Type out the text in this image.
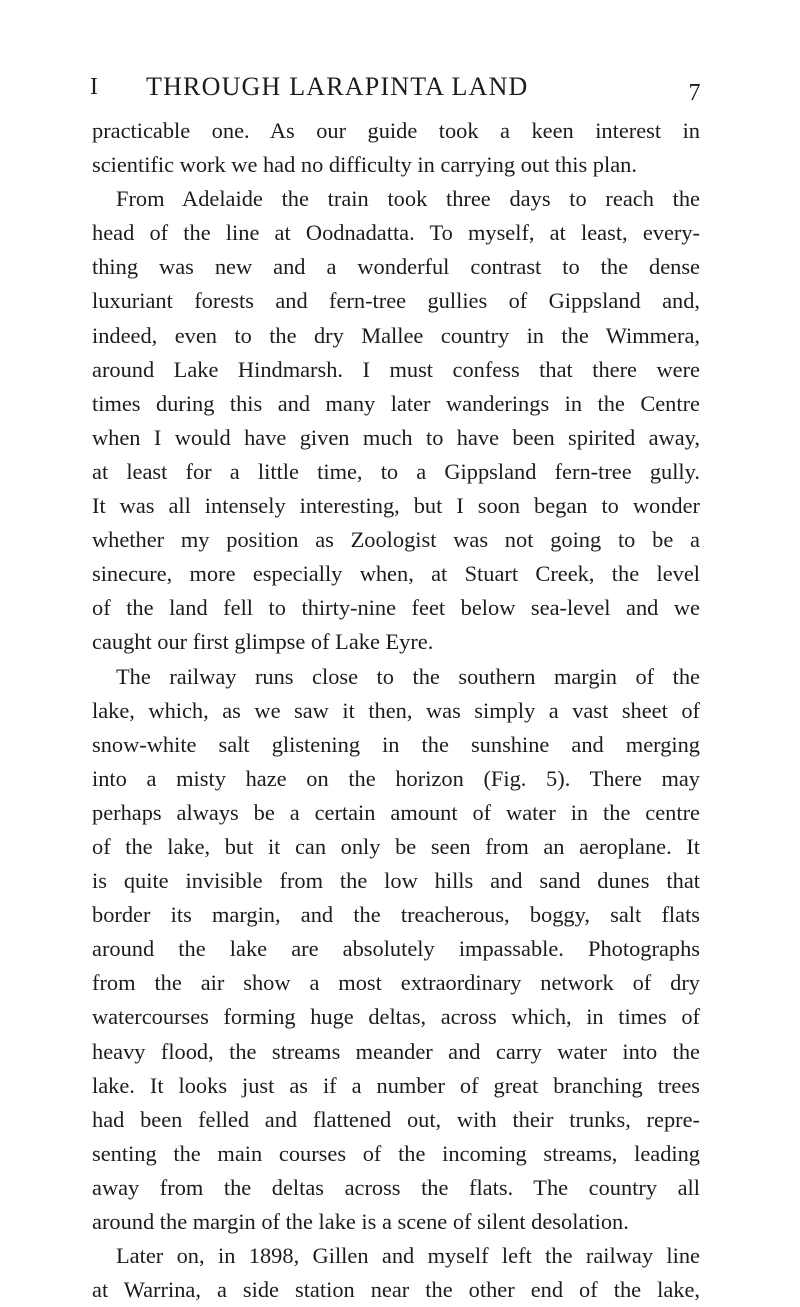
I THROUGH LARAPINTA LAND	7
practicable one. As our guide took a keen interest in
scientific work we had no difficulty in carrying out this plan.
From Adelaide the train took three days to reach the
head of the line at Oodnadatta. To myself, at least, every-
thing was new and a wonderful contrast to the dense
luxuriant forests and fern-tree gullies of Gippsland and,
indeed, even to the dry Mallee country in the Wimmera,
around Lake Hindmarsh. I must confess that there were
times during this and many later wanderings in the Centre
when I would have given much to have been spirited away,
at least for a little time, to a Gippsland fern-tree gully.
It was all intensely interesting, but I soon began to wonder
whether my position as Zoologist was not going to be a
sinecure, more especially when, at Stuart Creek, the level
of the land fell to thirty-nine feet below sea-level and we
caught our first glimpse of Lake Eyre.
The railway runs close to the southern margin of the
lake, which, as we saw it then, was simply a vast sheet of
snow-white salt glistening in the sunshine and merging
into a misty haze on the horizon (Fig. 5). There may
perhaps always be a certain amount of water in the centre
of the lake, but it can only be seen from an aeroplane. It
is quite invisible from the low hills and sand dunes that
border its margin, and the treacherous, boggy, salt flats
around the lake are absolutely impassable. Photographs
from the air show a most extraordinary network of dry
watercourses forming huge deltas, across which, in times of
heavy flood, the streams meander and carry water into the
lake. It looks just as if a number of great branching trees
had been felled and flattened out, with their trunks, repre-
senting the main courses of the incoming streams, leading
away from the deltas across the flats. The country all
around the margin of the lake is a scene of silent desolation.
Later on, in 1898, Gillen and myself left the railway line
at Warrina, a side station near the other end of the lake,
